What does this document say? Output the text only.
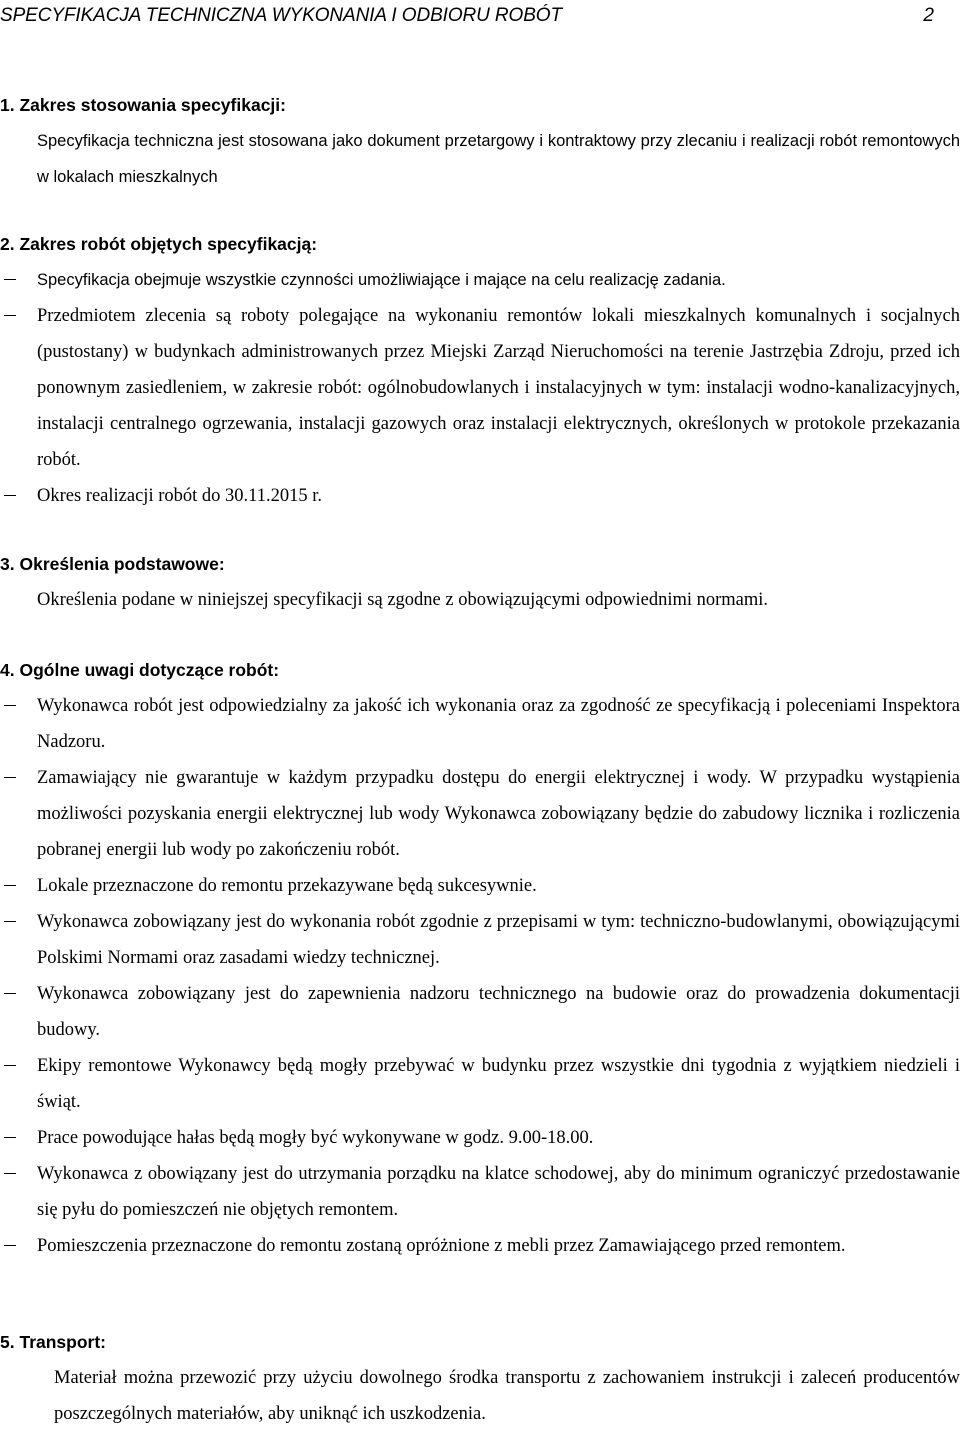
SPECYFIKACJA TECHNICZNA WYKONANIA I ODBIORU ROBÓT	2

1. Zakres stosowania specyfikacji:

Specyfikacja techniczna jest stosowana jako dokument przetargowy i kontraktowy przy zlecaniu i realizacji robót remontowych w lokalach mieszkalnych

2. Zakres robót objętych specyfikacją:

Specyfikacja obejmuje wszystkie czynności umożliwiające i mające na celu realizację zadania.

Przedmiotem zlecenia są roboty polegające na wykonaniu remontów lokali mieszkalnych komunalnych i socjalnych (pustostany) w budynkach administrowanych przez Miejski Zarząd Nieruchomości na terenie Jastrzębia Zdroju, przed ich ponownym zasiedleniem, w zakresie robót: ogólnobudowlanych i instalacyjnych w tym: instalacji wodno-kanalizacyjnych, instalacji centralnego ogrzewania, instalacji gazowych oraz instalacji elektrycznych, określonych w protokole przekazania robót.

Okres realizacji robót do 30.11.2015 r.

3. Określenia podstawowe:

Określenia podane w niniejszej specyfikacji są zgodne z obowiązującymi odpowiednimi normami.

4. Ogólne uwagi dotyczące robót:

Wykonawca robót jest odpowiedzialny za jakość ich wykonania oraz za zgodność ze specyfikacją i poleceniami Inspektora Nadzoru.

Zamawiający nie gwarantuje w każdym przypadku dostępu do energii elektrycznej i wody. W przypadku wystąpienia możliwości pozyskania energii elektrycznej lub wody Wykonawca zobowiązany będzie do zabudowy licznika i rozliczenia pobranej energii lub wody po zakończeniu robót.

Lokale przeznaczone do remontu przekazywane będą sukcesywnie.

Wykonawca zobowiązany jest do wykonania robót zgodnie z przepisami w tym: techniczno-budowlanymi, obowiązującymi Polskimi Normami oraz zasadami wiedzy technicznej.

Wykonawca zobowiązany jest do zapewnienia nadzoru technicznego na budowie oraz do prowadzenia dokumentacji budowy.

Ekipy remontowe Wykonawcy będą mogły przebywać w budynku przez wszystkie dni tygodnia z wyjątkiem niedzieli i świąt.

Prace powodujące hałas będą mogły być wykonywane w godz. 9.00-18.00.

Wykonawca z obowiązany jest do utrzymania porządku na klatce schodowej, aby do minimum ograniczyć przedostawanie się pyłu do pomieszczeń nie objętych remontem.

Pomieszczenia przeznaczone do remontu zostaną opróżnione z mebli przez Zamawiającego przed remontem.

5. Transport:

Materiał można przewozić przy użyciu dowolnego środka transportu z zachowaniem instrukcji i zaleceń producentów poszczególnych materiałów, aby uniknąć ich uszkodzenia.
